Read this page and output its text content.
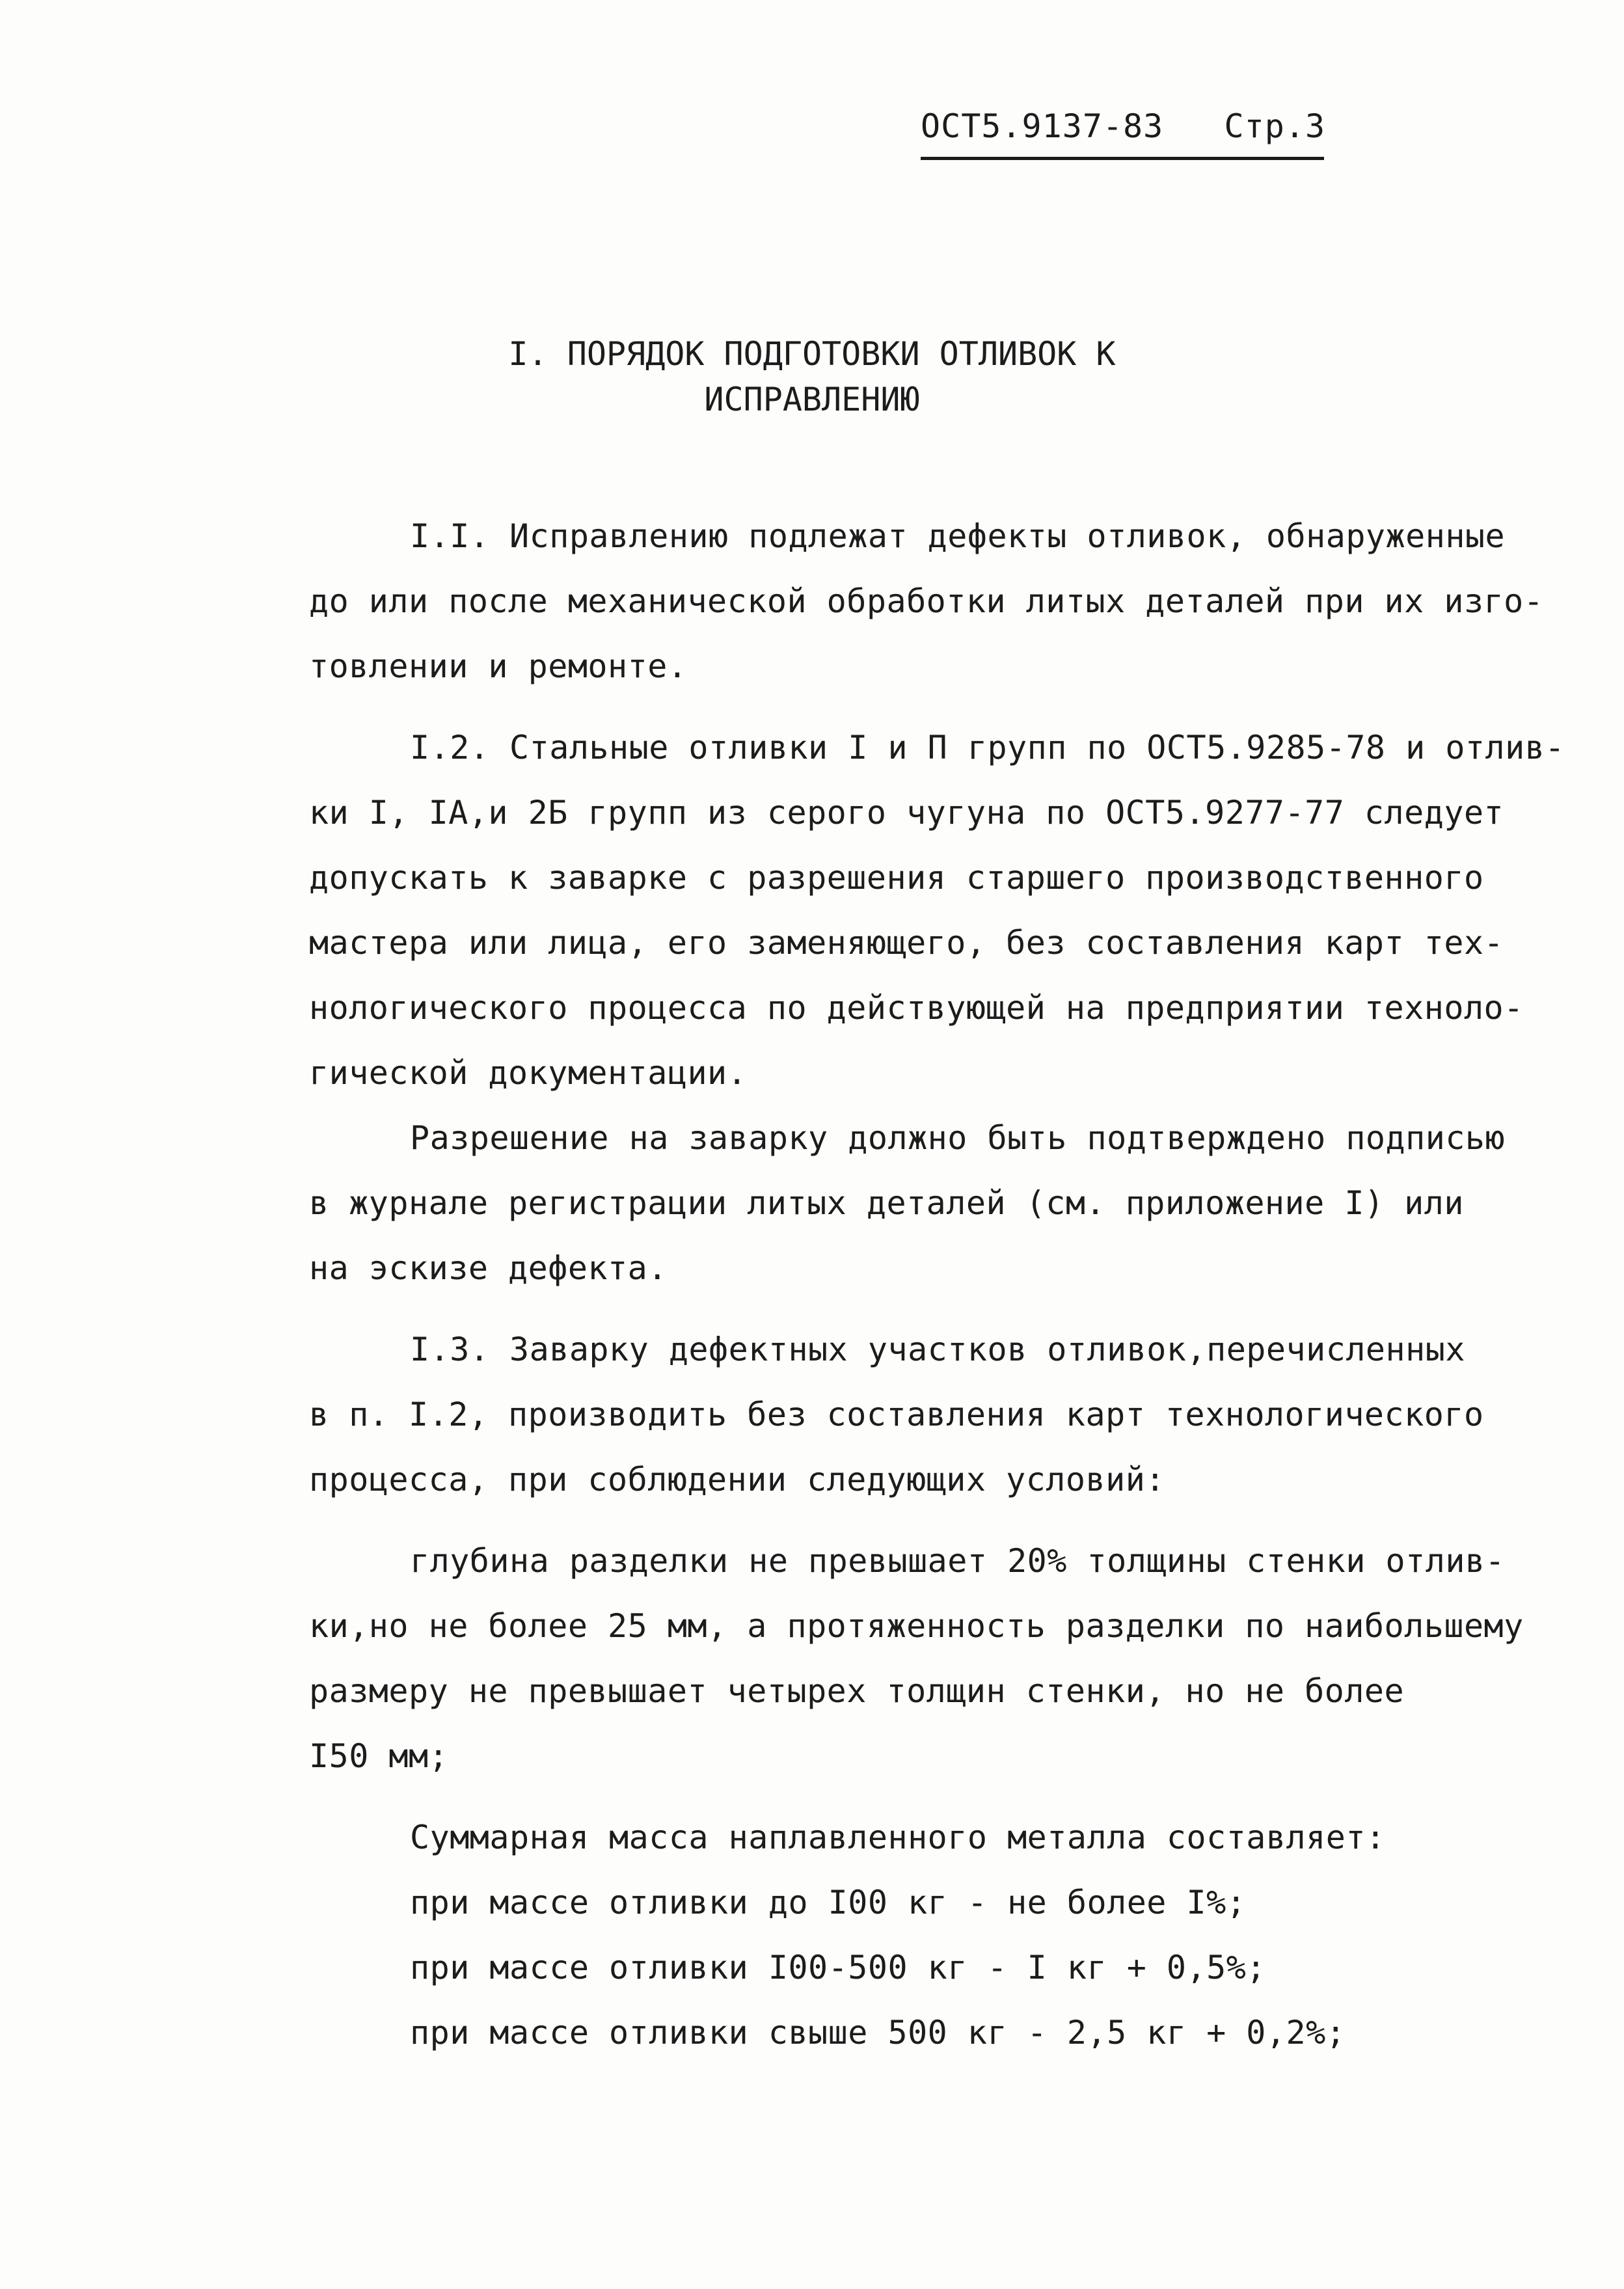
ОСТ5.9137-83 Стр.3
I. ПОРЯДОК ПОДГОТОВКИ ОТЛИВОК К
ИСПРАВЛЕНИЮ
I.I. Исправлению подлежат дефекты отливок, обнаруженные
до или после механической обработки литых деталей при их изго-
товлении и ремонте.
I.2. Стальные отливки I и П групп по ОСТ5.9285-78 и отлив-
ки I, IА,и 2Б групп из серого чугуна по ОСТ5.9277-77 следует
допускать к заварке с разрешения старшего производственного
мастера или лица, его заменяющего, без составления карт тех-
нологического процесса по действующей на предприятии техноло-
гической документации.
Разрешение на заварку должно быть подтверждено подписью
в журнале регистрации литых деталей (см. приложение I) или
на эскизе дефекта.
I.3. Заварку дефектных участков отливок,перечисленных
в п. I.2, производить без составления карт технологического
процесса, при соблюдении следующих условий:
глубина разделки не превышает 20% толщины стенки отлив-
ки,но не более 25 мм, а протяженность разделки по наибольшему
размеру не превышает четырех толщин стенки, но не более
I50 мм;
Суммарная масса наплавленного металла составляет:
при массе отливки до I00 кг - не более I%;
при массе отливки I00-500 кг - I кг + 0,5%;
при массе отливки свыше 500 кг - 2,5 кг + 0,2%;
